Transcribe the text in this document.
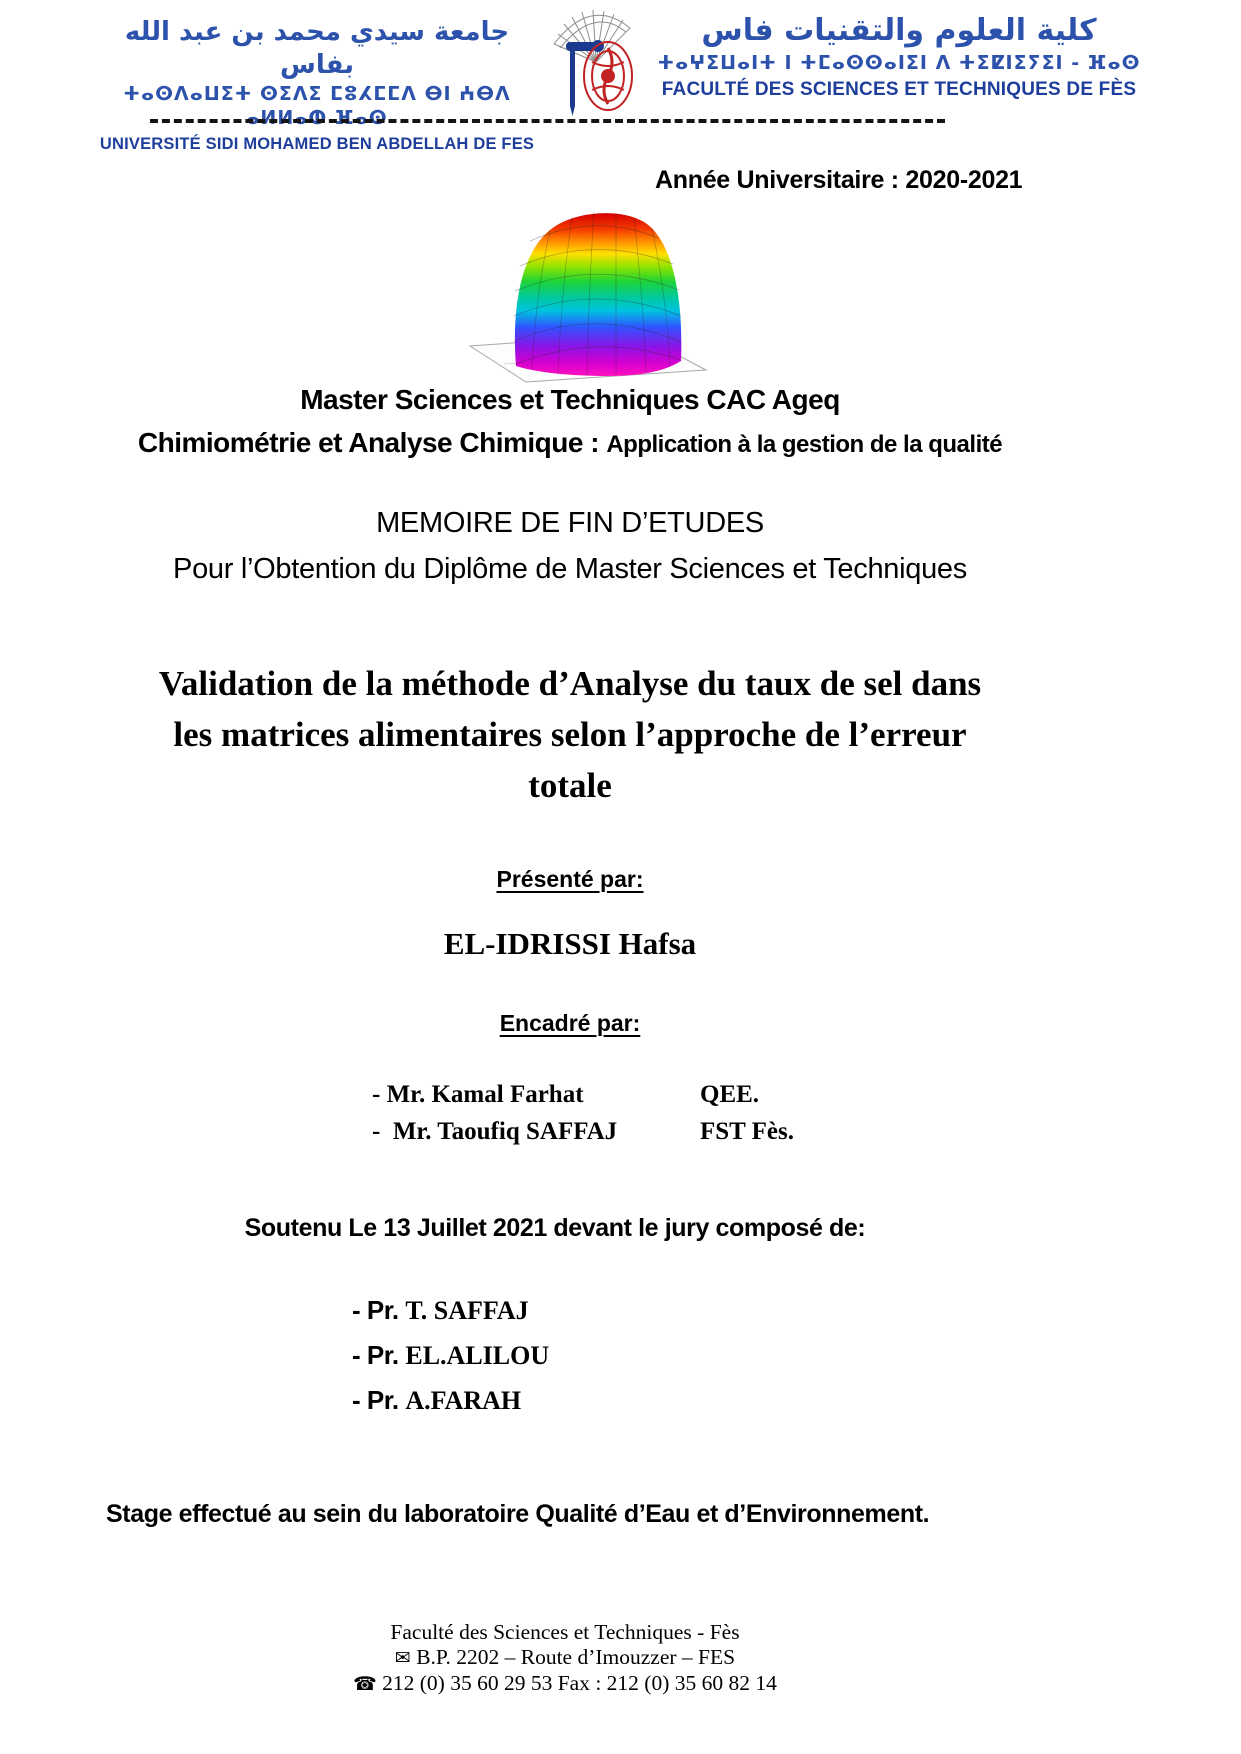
جامعة سيدي محمد بن عبد الله بفاس
ⵜⴰⵙⴷⴰⵡⵉⵜ ⵙⵉⴷⵉ ⵎⵓⵃⵎⵎⴷ ⴱⵏ ⵄⴱⴷ ⴰⵍⵍⴰⵀ ⴼⴰⵙ
UNIVERSITÉ SIDI MOHAMED BEN ABDELLAH DE FES
كلية العلوم والتقنيات فاس
ⵜⴰⵖⵉⵡⴰⵏⵜ ⵏ ⵜⵎⴰⵙⵙⴰⵏⵉⵏ ⴷ ⵜⵉⵇⵏⵉⵢⵉⵏ - ⴼⴰⵙ
FACULTÉ DES SCIENCES ET TECHNIQUES DE FÈS
Année Universitaire : 2020-2021
Master Sciences et Techniques CAC Ageq
Chimiométrie et Analyse Chimique : Application à la gestion de la qualité
MEMOIRE DE FIN D’ETUDES
Pour l’Obtention du Diplôme de Master Sciences et Techniques
Validation de la méthode d’Analyse du taux de sel dans
les matrices alimentaires selon l’approche de l’erreur
totale
Présenté par:
EL-IDRISSI Hafsa
Encadré par:
- Mr. Kamal Farhat	QEE.
-  Mr. Taoufiq SAFFAJ	FST Fès.
Soutenu Le 13 Juillet 2021 devant le jury composé de:
- Pr. T. SAFFAJ
- Pr. EL.ALILOU
- Pr. A.FARAH
Stage effectué au sein du laboratoire Qualité d’Eau et d’Environnement.
Faculté des Sciences et Techniques - Fès
✉ B.P. 2202 – Route d’Imouzzer – FES
☎ 212 (0) 35 60 29 53 Fax : 212 (0) 35 60 82 14
